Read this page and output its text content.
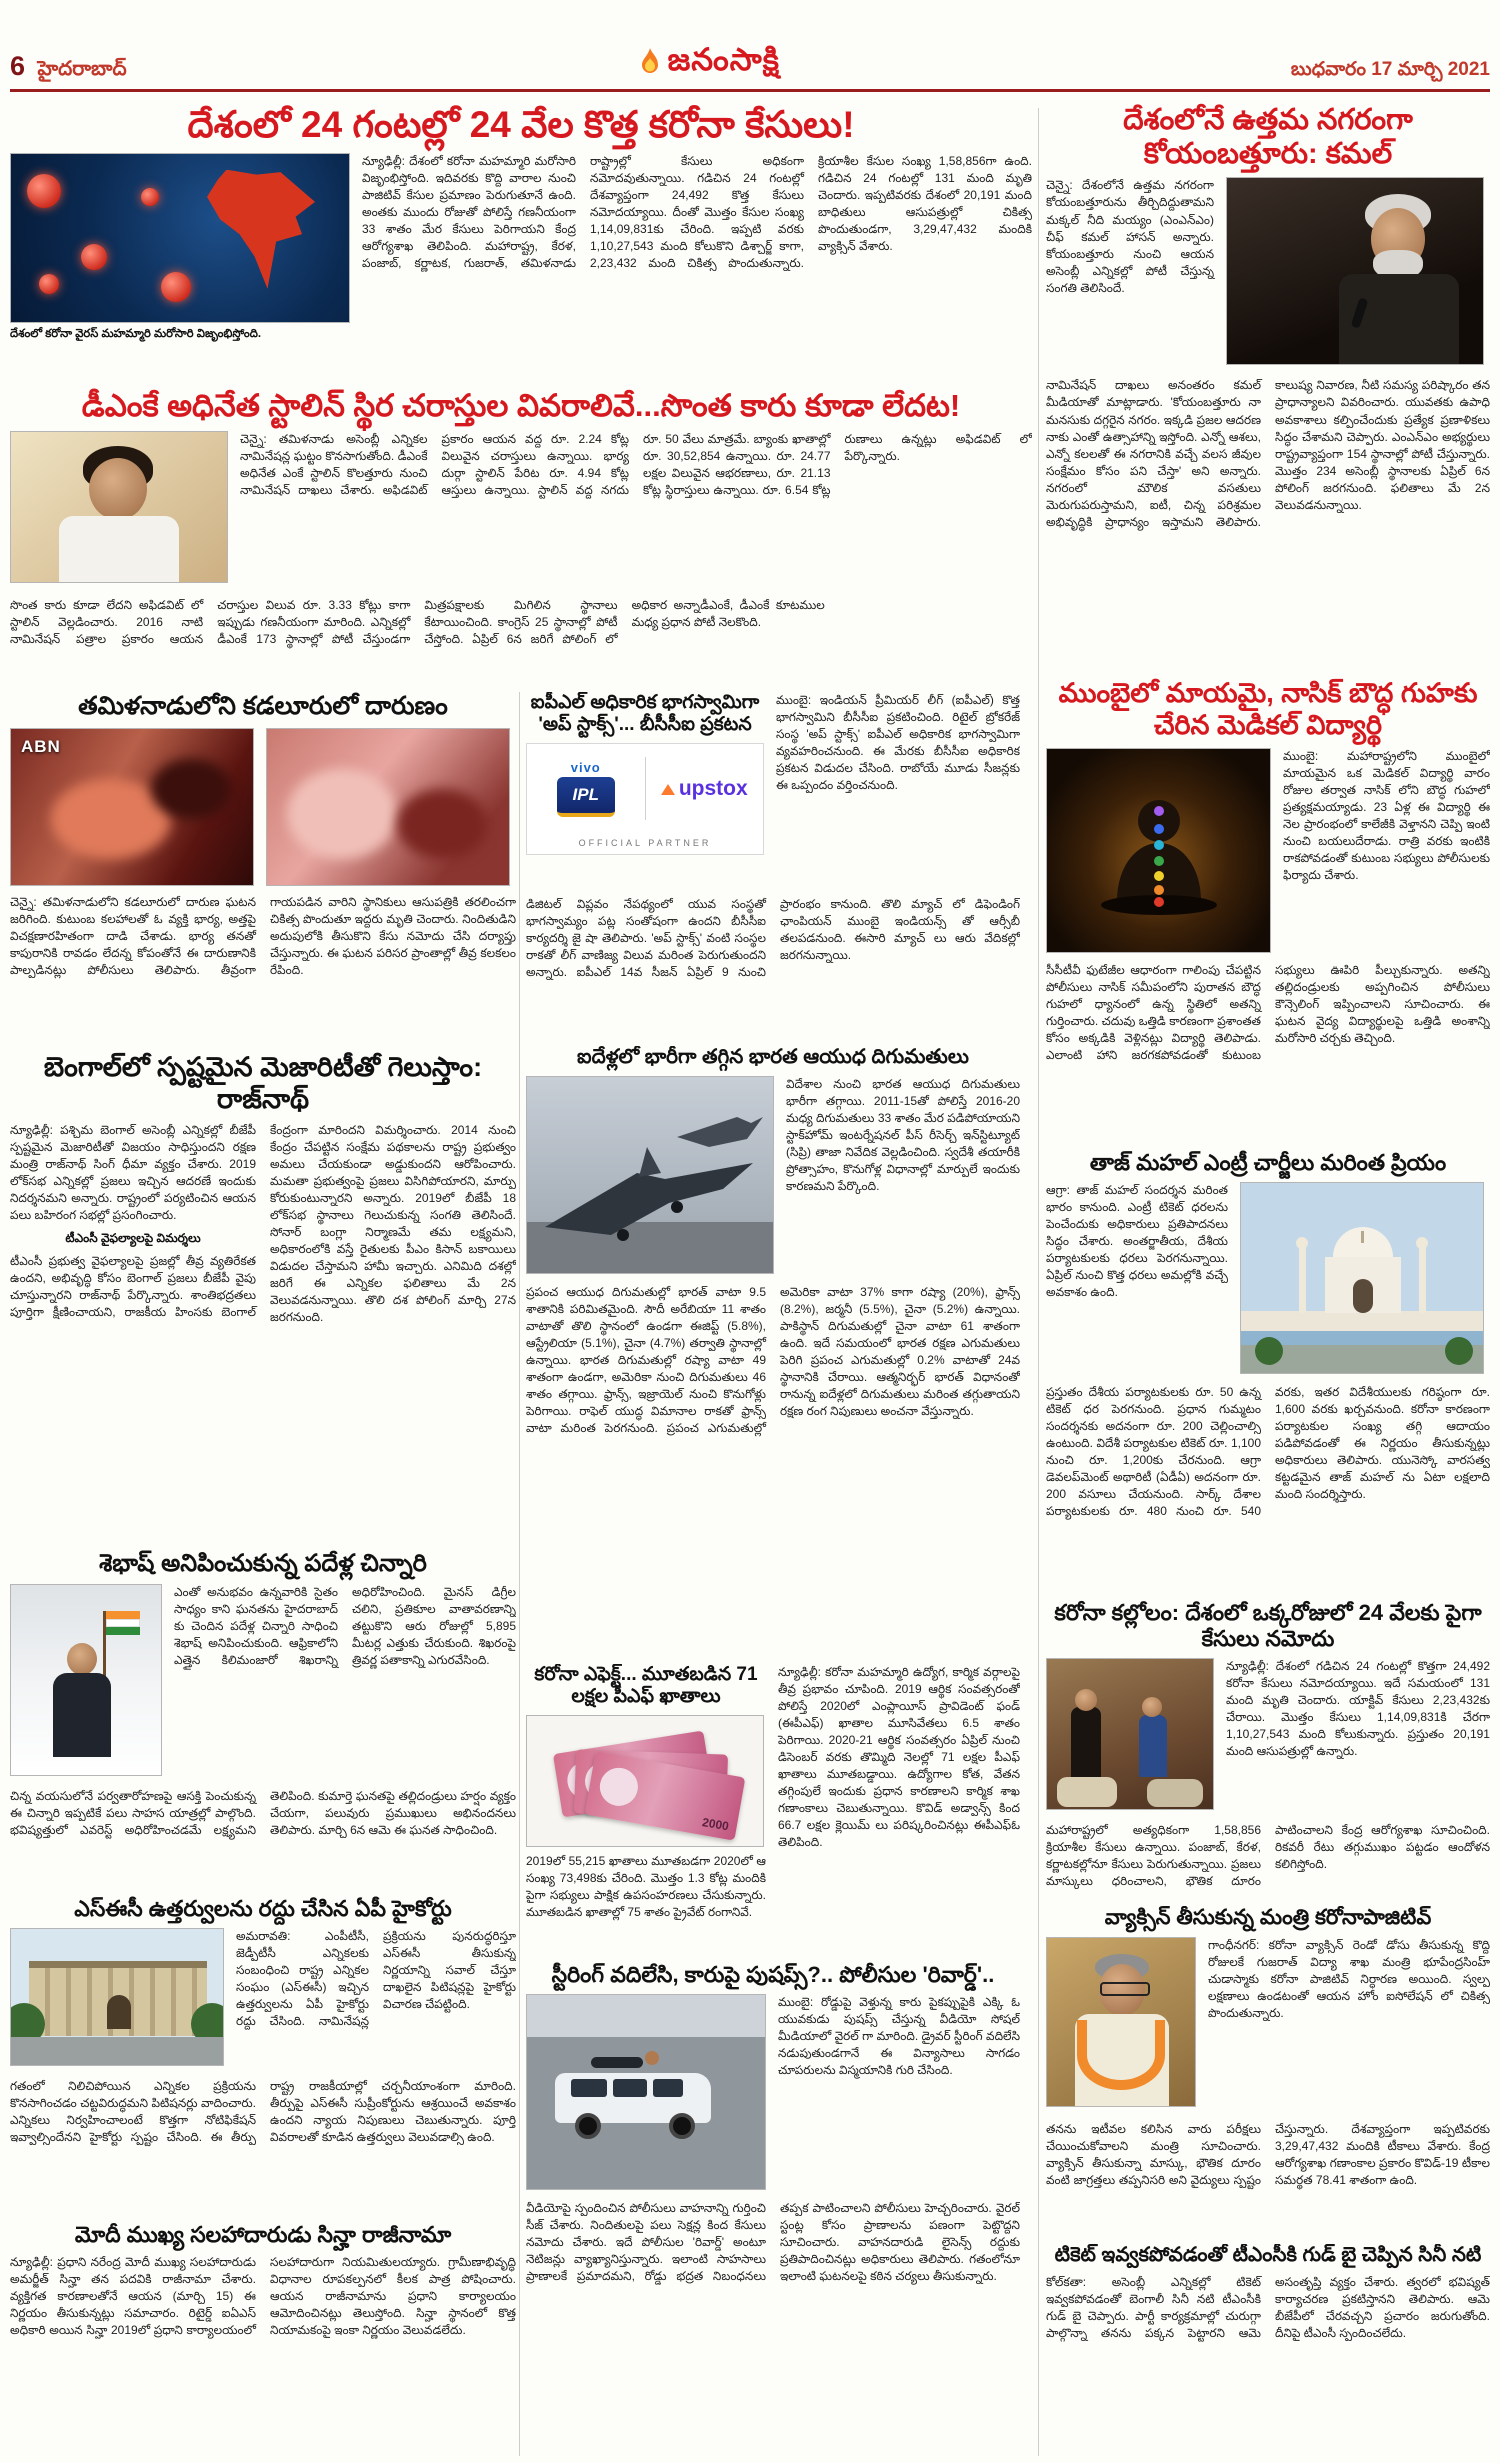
6 హైదరాబాద్	జనంసాక్షి	బుధవారం 17 మార్చి 2021
దేశంలో 24 గంటల్లో 24 వేల కొత్త కరోనా కేసులు!
దేశంలో కరోనా వైరస్ మహమ్మారి మరోసారి విజృంభిస్తోంది.
న్యూఢిల్లీ: దేశంలో కరోనా మహమ్మారి మరోసారి విజృంభిస్తోంది. ఇదివరకు కొద్ది వారాల నుంచి పాజిటివ్ కేసుల ప్రమాణం పెరుగుతూనే ఉంది. అంతకు ముందు రోజుతో పోలిస్తే గణనీయంగా 33 శాతం మేర కేసులు పెరిగాయని కేంద్ర ఆరోగ్యశాఖ తెలిపింది. మహారాష్ట్ర, కేరళ, పంజాబ్, కర్ణాటక, గుజరాత్, తమిళనాడు రాష్ట్రాల్లో కేసులు అధికంగా నమోదవుతున్నాయి. గడిచిన 24 గంటల్లో దేశవ్యాప్తంగా 24,492 కొత్త కేసులు నమోదయ్యాయి. దీంతో మొత్తం కేసుల సంఖ్య 1,14,09,831కు చేరింది. ఇప్పటి వరకు 1,10,27,543 మంది కోలుకొని డిశ్చార్జ్ కాగా, 2,23,432 మంది చికిత్స పొందుతున్నారు. క్రియాశీల కేసుల సంఖ్య 1,58,856గా ఉంది. గడిచిన 24 గంటల్లో 131 మంది మృతి చెందారు. ఇప్పటివరకు దేశంలో 20,191 మంది బాధితులు ఆసుపత్రుల్లో చికిత్స పొందుతుండగా, 3,29,47,432 మందికి వ్యాక్సిన్ వేశారు.
డీఎంకే అధినేత స్టాలిన్ స్థిర చరాస్తుల వివరాలివే...సొంత కారు కూడా లేదట!
చెన్నై: తమిళనాడు అసెంబ్లీ ఎన్నికల నామినేషన్ల ఘట్టం కొనసాగుతోంది. డీఎంకే అధినేత ఎంకే స్టాలిన్ కొలత్తూరు నుంచి నామినేషన్ దాఖలు చేశారు. అఫిడవిట్ ప్రకారం ఆయన వద్ద రూ. 2.24 కోట్ల విలువైన చరాస్తులు ఉన్నాయి. భార్య దుర్గా స్టాలిన్ పేరిట రూ. 4.94 కోట్ల ఆస్తులు ఉన్నాయి. స్టాలిన్ వద్ద నగదు రూ. 50 వేలు మాత్రమే. బ్యాంకు ఖాతాల్లో రూ. 30,52,854 ఉన్నాయి. రూ. 24.77 లక్షల విలువైన ఆభరణాలు, రూ. 21.13 కోట్ల స్థిరాస్తులు ఉన్నాయి. రూ. 6.54 కోట్ల రుణాలు ఉన్నట్లు అఫిడవిట్ లో పేర్కొన్నారు.
సొంత కారు కూడా లేదని అఫిడవిట్ లో స్టాలిన్ వెల్లడించారు. 2016 నాటి నామినేషన్ పత్రాల ప్రకారం ఆయన చరాస్తుల విలువ రూ. 3.33 కోట్లు కాగా ఇప్పుడు గణనీయంగా మారింది. ఎన్నికల్లో డీఎంకే 173 స్థానాల్లో పోటీ చేస్తుండగా మిత్రపక్షాలకు మిగిలిన స్థానాలు కేటాయించింది. కాంగ్రెస్ 25 స్థానాల్లో పోటీ చేస్తోంది. ఏప్రిల్ 6న జరిగే పోలింగ్ లో అధికార అన్నాడీఎంకే, డీఎంకే కూటముల మధ్య ప్రధాన పోటీ నెలకొంది.
దేశంలోనే ఉత్తమ నగరంగా కోయంబత్తూరు: కమల్
చెన్నై: దేశంలోనే ఉత్తమ నగరంగా కోయంబత్తూరును తీర్చిదిద్దుతామని మక్కల్ నీది మయ్యం (ఎంఎన్ఎం) చీఫ్ కమల్ హాసన్ అన్నారు. కోయంబత్తూరు నుంచి ఆయన అసెంబ్లీ ఎన్నికల్లో పోటీ చేస్తున్న సంగతి తెలిసిందే.
నామినేషన్ దాఖలు అనంతరం కమల్ మీడియాతో మాట్లాడారు. 'కోయంబత్తూరు నా మనసుకు దగ్గరైన నగరం. ఇక్కడి ప్రజల ఆదరణ నాకు ఎంతో ఉత్సాహాన్ని ఇస్తోంది. ఎన్నో ఆశలు, ఎన్నో కలలతో ఈ నగరానికి వచ్చే వలస జీవుల సంక్షేమం కోసం పని చేస్తా' అని అన్నారు. నగరంలో మౌలిక వసతులు మెరుగుపరుస్తామని, ఐటీ, చిన్న పరిశ్రమల అభివృద్ధికి ప్రాధాన్యం ఇస్తామని తెలిపారు. కాలుష్య నివారణ, నీటి సమస్య పరిష్కారం తన ప్రాధాన్యాలని వివరించారు. యువతకు ఉపాధి అవకాశాలు కల్పించేందుకు ప్రత్యేక ప్రణాళికలు సిద్ధం చేశామని చెప్పారు. ఎంఎన్ఎం అభ్యర్థులు రాష్ట్రవ్యాప్తంగా 154 స్థానాల్లో పోటీ చేస్తున్నారు. మొత్తం 234 అసెంబ్లీ స్థానాలకు ఏప్రిల్ 6న పోలింగ్ జరగనుంది. ఫలితాలు మే 2న వెలువడనున్నాయి.
తమిళనాడులోని కడలూరులో దారుణం
ABN
చెన్నై: తమిళనాడులోని కడలూరులో దారుణ ఘటన జరిగింది. కుటుంబ కలహాలతో ఓ వ్యక్తి భార్య, అత్తపై విచక్షణారహితంగా దాడి చేశాడు. భార్య తనతో కాపురానికి రావడం లేదన్న కోపంతోనే ఈ దారుణానికి పాల్పడినట్లు పోలీసులు తెలిపారు. తీవ్రంగా గాయపడిన వారిని స్థానికులు ఆసుపత్రికి తరలించగా చికిత్స పొందుతూ ఇద్దరు మృతి చెందారు. నిందితుడిని అదుపులోకి తీసుకొని కేసు నమోదు చేసి దర్యాప్తు చేస్తున్నారు. ఈ ఘటన పరిసర ప్రాంతాల్లో తీవ్ర కలకలం రేపింది.
ఐపీఎల్ అధికారిక భాగస్వామిగా 'అప్ స్టాక్స్'... బీసీసీఐ ప్రకటన
vivo
IPL	upstox
OFFICIAL PARTNER
ముంబై: ఇండియన్ ప్రీమియర్ లీగ్ (ఐపీఎల్) కొత్త భాగస్వామిని బీసీసీఐ ప్రకటించింది. రిటైల్ బ్రోకరేజ్ సంస్థ 'అప్ స్టాక్స్' ఐపీఎల్ అధికారిక భాగస్వామిగా వ్యవహరించనుంది. ఈ మేరకు బీసీసీఐ అధికారిక ప్రకటన విడుదల చేసింది. రాబోయే మూడు సీజన్లకు ఈ ఒప్పందం వర్తించనుంది.
డిజిటల్ విప్లవం నేపథ్యంలో యువ సంస్థతో భాగస్వామ్యం పట్ల సంతోషంగా ఉందని బీసీసీఐ కార్యదర్శి జై షా తెలిపారు. 'అప్ స్టాక్స్' వంటి సంస్థల రాకతో లీగ్ వాణిజ్య విలువ మరింత పెరుగుతుందని అన్నారు. ఐపీఎల్ 14వ సీజన్ ఏప్రిల్ 9 నుంచి ప్రారంభం కానుంది. తొలి మ్యాచ్ లో డిఫెండింగ్ ఛాంపియన్ ముంబై ఇండియన్స్ తో ఆర్సీబీ తలపడనుంది. ఈసారి మ్యాచ్ లు ఆరు వేదికల్లో జరగనున్నాయి.
ముంబైలో మాయమై, నాసిక్ బౌద్ధ గుహకు చేరిన మెడికల్ విద్యార్థి
ముంబై: మహారాష్ట్రలోని ముంబైలో మాయమైన ఒక మెడికల్ విద్యార్థి వారం రోజుల తర్వాత నాసిక్ లోని బౌద్ధ గుహలో ప్రత్యక్షమయ్యాడు. 23 ఏళ్ల ఈ విద్యార్థి ఈ నెల ప్రారంభంలో కాలేజీకి వెళ్తానని చెప్పి ఇంటి నుంచి బయలుదేరాడు. రాత్రి వరకు ఇంటికి రాకపోవడంతో కుటుంబ సభ్యులు పోలీసులకు ఫిర్యాదు చేశారు.
సీసీటీవీ ఫుటేజీల ఆధారంగా గాలింపు చేపట్టిన పోలీసులు నాసిక్ సమీపంలోని పురాతన బౌద్ధ గుహలో ధ్యానంలో ఉన్న స్థితిలో అతన్ని గుర్తించారు. చదువు ఒత్తిడి కారణంగా ప్రశాంతత కోసం అక్కడికి వెళ్లినట్లు విద్యార్థి తెలిపాడు. ఎలాంటి హాని జరగకపోవడంతో కుటుంబ సభ్యులు ఊపిరి పీల్చుకున్నారు. అతన్ని తల్లిదండ్రులకు అప్పగించిన పోలీసులు కౌన్సెలింగ్ ఇప్పించాలని సూచించారు. ఈ ఘటన వైద్య విద్యార్థులపై ఒత్తిడి అంశాన్ని మరోసారి చర్చకు తెచ్చింది.
బెంగాల్‌లో స్పష్టమైన మెజారిటీతో గెలుస్తాం: రాజ్‌నాథ్
న్యూఢిల్లీ: పశ్చిమ బెంగాల్ అసెంబ్లీ ఎన్నికల్లో బీజేపీ స్పష్టమైన మెజారిటీతో విజయం సాధిస్తుందని రక్షణ మంత్రి రాజ్‌నాథ్ సింగ్ ధీమా వ్యక్తం చేశారు. 2019 లోక్‌సభ ఎన్నికల్లో ప్రజలు ఇచ్చిన ఆదరణే ఇందుకు నిదర్శనమని అన్నారు. రాష్ట్రంలో పర్యటించిన ఆయన పలు బహిరంగ సభల్లో ప్రసంగించారు.
టీఎంసీ వైఫల్యాలపై విమర్శలు
టీఎంసీ ప్రభుత్వ వైఫల్యాలపై ప్రజల్లో తీవ్ర వ్యతిరేకత ఉందని, అభివృద్ధి కోసం బెంగాల్ ప్రజలు బీజేపీ వైపు చూస్తున్నారని రాజ్‌నాథ్ పేర్కొన్నారు. శాంతిభద్రతలు పూర్తిగా క్షీణించాయని, రాజకీయ హింసకు బెంగాల్ కేంద్రంగా మారిందని విమర్శించారు. 2014 నుంచి కేంద్రం చేపట్టిన సంక్షేమ పథకాలను రాష్ట్ర ప్రభుత్వం అమలు చేయకుండా అడ్డుకుందని ఆరోపించారు. మమతా ప్రభుత్వంపై ప్రజలు విసిగిపోయారని, మార్పు కోరుకుంటున్నారని అన్నారు. 2019లో బీజేపీ 18 లోక్‌సభ స్థానాలు గెలుచుకున్న సంగతి తెలిసిందే. సోనార్ బంగ్లా నిర్మాణమే తమ లక్ష్యమని, అధికారంలోకి వస్తే రైతులకు పీఎం కిసాన్ బకాయిలు విడుదల చేస్తామని హామీ ఇచ్చారు. ఎనిమిది దశల్లో జరిగే ఈ ఎన్నికల ఫలితాలు మే 2న వెలువడనున్నాయి. తొలి దశ పోలింగ్ మార్చి 27న జరగనుంది.
ఐదేళ్లలో భారీగా తగ్గిన భారత ఆయుధ దిగుమతులు
విదేశాల నుంచి భారత ఆయుధ దిగుమతులు భారీగా తగ్గాయి. 2011-15తో పోలిస్తే 2016-20 మధ్య దిగుమతులు 33 శాతం మేర పడిపోయాయని స్టాక్‌హోమ్ ఇంటర్నేషనల్ పీస్ రీసెర్చ్ ఇన్‌స్టిట్యూట్ (సిప్రి) తాజా నివేదిక వెల్లడించింది. స్వదేశీ తయారీకి ప్రోత్సాహం, కొనుగోళ్ల విధానాల్లో మార్పులే ఇందుకు కారణమని పేర్కొంది.
ప్రపంచ ఆయుధ దిగుమతుల్లో భారత్ వాటా 9.5 శాతానికి పరిమితమైంది. సౌదీ అరేబియా 11 శాతం వాటాతో తొలి స్థానంలో ఉండగా ఈజిప్ట్ (5.8%), ఆస్ట్రేలియా (5.1%), చైనా (4.7%) తర్వాతి స్థానాల్లో ఉన్నాయి. భారత దిగుమతుల్లో రష్యా వాటా 49 శాతంగా ఉండగా, అమెరికా నుంచి దిగుమతులు 46 శాతం తగ్గాయి. ఫ్రాన్స్, ఇజ్రాయెల్ నుంచి కొనుగోళ్లు పెరిగాయి. రాఫెల్ యుద్ధ విమానాల రాకతో ఫ్రాన్స్ వాటా మరింత పెరగనుంది. ప్రపంచ ఎగుమతుల్లో అమెరికా వాటా 37% కాగా రష్యా (20%), ఫ్రాన్స్ (8.2%), జర్మనీ (5.5%), చైనా (5.2%) ఉన్నాయి. పాకిస్థాన్ దిగుమతుల్లో చైనా వాటా 61 శాతంగా ఉంది. ఇదే సమయంలో భారత రక్షణ ఎగుమతులు పెరిగి ప్రపంచ ఎగుమతుల్లో 0.2% వాటాతో 24వ స్థానానికి చేరాయి. ఆత్మనిర్భర్ భారత్ విధానంతో రానున్న ఐదేళ్లలో దిగుమతులు మరింత తగ్గుతాయని రక్షణ రంగ నిపుణులు అంచనా వేస్తున్నారు.
తాజ్ మహల్ ఎంట్రీ చార్జీలు మరింత ప్రియం
ఆగ్రా: తాజ్ మహల్ సందర్శన మరింత భారం కానుంది. ఎంట్రీ టికెట్ ధరలను పెంచేందుకు అధికారులు ప్రతిపాదనలు సిద్ధం చేశారు. అంతర్జాతీయ, దేశీయ పర్యాటకులకు ధరలు పెరగనున్నాయి. ఏప్రిల్ నుంచి కొత్త ధరలు అమల్లోకి వచ్చే అవకాశం ఉంది.
ప్రస్తుతం దేశీయ పర్యాటకులకు రూ. 50 ఉన్న టికెట్ ధర పెరగనుంది. ప్రధాన గుమ్మటం సందర్శనకు అదనంగా రూ. 200 చెల్లించాల్సి ఉంటుంది. విదేశీ పర్యాటకుల టికెట్ రూ. 1,100 నుంచి రూ. 1,200కు చేరనుంది. ఆగ్రా డెవలప్‌మెంట్ అథారిటీ (ఏడీఏ) అదనంగా రూ. 200 వసూలు చేయనుంది. సార్క్ దేశాల పర్యాటకులకు రూ. 480 నుంచి రూ. 540 వరకు, ఇతర విదేశీయులకు గరిష్ఠంగా రూ. 1,600 వరకు ఖర్చవనుంది. కరోనా కారణంగా పర్యాటకుల సంఖ్య తగ్గి ఆదాయం పడిపోవడంతో ఈ నిర్ణయం తీసుకున్నట్లు అధికారులు తెలిపారు. యునెస్కో వారసత్వ కట్టడమైన తాజ్ మహల్ ను ఏటా లక్షలాది మంది సందర్శిస్తారు.
శెభాష్ అనిపించుకున్న పదేళ్ల చిన్నారి
ఎంతో అనుభవం ఉన్నవారికి సైతం సాధ్యం కాని ఘనతను హైదరాబాద్ కు చెందిన పదేళ్ల చిన్నారి సాధించి శెభాష్ అనిపించుకుంది. ఆఫ్రికాలోని ఎత్తైన కిలిమంజారో శిఖరాన్ని అధిరోహించింది. మైనస్ డిగ్రీల చలిని, ప్రతికూల వాతావరణాన్ని తట్టుకొని ఆరు రోజుల్లో 5,895 మీటర్ల ఎత్తుకు చేరుకుంది. శిఖరంపై త్రివర్ణ పతాకాన్ని ఎగురవేసింది.
చిన్న వయసులోనే పర్వతారోహణపై ఆసక్తి పెంచుకున్న ఈ చిన్నారి ఇప్పటికే పలు సాహస యాత్రల్లో పాల్గొంది. భవిష్యత్తులో ఎవరెస్ట్ అధిరోహించడమే లక్ష్యమని తెలిపింది. కుమార్తె ఘనతపై తల్లిదండ్రులు హర్షం వ్యక్తం చేయగా, పలువురు ప్రముఖులు అభినందనలు తెలిపారు. మార్చి 6న ఆమె ఈ ఘనత సాధించింది.
కరోనా ఎఫెక్ట్... మూతబడిన 71 లక్షల పీఎఫ్ ఖాతాలు
2000
2019లో 55,215 ఖాతాలు మూతబడగా 2020లో ఆ సంఖ్య 73,498కు చేరింది. మొత్తం 1.3 కోట్ల మందికి పైగా సభ్యులు పాక్షిక ఉపసంహరణలు చేసుకున్నారు. మూతబడిన ఖాతాల్లో 75 శాతం ప్రైవేట్ రంగానివే.
న్యూఢిల్లీ: కరోనా మహమ్మారి ఉద్యోగ, కార్మిక వర్గాలపై తీవ్ర ప్రభావం చూపింది. 2019 ఆర్థిక సంవత్సరంతో పోలిస్తే 2020లో ఎంప్లాయీస్ ప్రావిడెంట్ ఫండ్ (ఈపీఎఫ్) ఖాతాల మూసివేతలు 6.5 శాతం పెరిగాయి. 2020-21 ఆర్థిక సంవత్సరం ఏప్రిల్ నుంచి డిసెంబర్ వరకు తొమ్మిది నెలల్లో 71 లక్షల పీఎఫ్ ఖాతాలు మూతబడ్డాయి. ఉద్యోగాల కోత, వేతన తగ్గింపులే ఇందుకు ప్రధాన కారణాలని కార్మిక శాఖ గణాంకాలు చెబుతున్నాయి. కొవిడ్ అడ్వాన్స్ కింద 66.7 లక్షల క్లెయిమ్ లు పరిష్కరించినట్లు ఈపీఎఫ్ఓ తెలిపింది.
స్టీరింగ్ వదిలేసి, కారుపై పుషప్స్?.. పోలీసుల 'రివార్డ్'..
ముంబై: రోడ్డుపై వెళ్తున్న కారు పైకప్పుపైకి ఎక్కి ఓ యువకుడు పుషప్స్ చేస్తున్న వీడియో సోషల్ మీడియాలో వైరల్ గా మారింది. డ్రైవర్ స్టీరింగ్ వదిలేసి నడుపుతుండగానే ఈ విన్యాసాలు సాగడం చూపరులను విస్మయానికి గురి చేసింది.
వీడియోపై స్పందించిన పోలీసులు వాహనాన్ని గుర్తించి సీజ్ చేశారు. నిందితులపై పలు సెక్షన్ల కింద కేసులు నమోదు చేశారు. ఇదే పోలీసుల 'రివార్డ్' అంటూ నెటిజన్లు వ్యాఖ్యానిస్తున్నారు. ఇలాంటి సాహసాలు ప్రాణాలకే ప్రమాదమని, రోడ్డు భద్రత నిబంధనలు తప్పక పాటించాలని పోలీసులు హెచ్చరించారు. వైరల్ స్టంట్ల కోసం ప్రాణాలను పణంగా పెట్టొద్దని సూచించారు. వాహనదారుడి లైసెన్స్ రద్దుకు ప్రతిపాదించినట్లు అధికారులు తెలిపారు. గతంలోనూ ఇలాంటి ఘటనలపై కఠిన చర్యలు తీసుకున్నారు.
కరోనా కల్లోలం: దేశంలో ఒక్కరోజులో 24 వేలకు పైగా కేసులు నమోదు
న్యూఢిల్లీ: దేశంలో గడిచిన 24 గంటల్లో కొత్తగా 24,492 కరోనా కేసులు నమోదయ్యాయి. ఇదే సమయంలో 131 మంది మృతి చెందారు. యాక్టివ్ కేసులు 2,23,432కు చేరాయి. మొత్తం కేసులు 1,14,09,831కి చేరగా 1,10,27,543 మంది కోలుకున్నారు. ప్రస్తుతం 20,191 మంది ఆసుపత్రుల్లో ఉన్నారు.
మహారాష్ట్రలో అత్యధికంగా 1,58,856 క్రియాశీల కేసులు ఉన్నాయి. పంజాబ్, కేరళ, కర్ణాటకల్లోనూ కేసులు పెరుగుతున్నాయి. ప్రజలు మాస్కులు ధరించాలని, భౌతిక దూరం పాటించాలని కేంద్ర ఆరోగ్యశాఖ సూచించింది. రికవరీ రేటు తగ్గుముఖం పట్టడం ఆందోళన కలిగిస్తోంది.
ఎస్ఈసీ ఉత్తర్వులను రద్దు చేసిన ఏపీ హైకోర్టు
అమరావతి: ఎంపీటీసీ, జెడ్పీటీసీ ఎన్నికలకు సంబంధించి రాష్ట్ర ఎన్నికల సంఘం (ఎస్ఈసీ) ఇచ్చిన ఉత్తర్వులను ఏపీ హైకోర్టు రద్దు చేసింది. నామినేషన్ల ప్రక్రియను పునరుద్ధరిస్తూ ఎస్ఈసీ తీసుకున్న నిర్ణయాన్ని సవాల్ చేస్తూ దాఖలైన పిటిషన్లపై హైకోర్టు విచారణ చేపట్టింది.
గతంలో నిలిచిపోయిన ఎన్నికల ప్రక్రియను కొనసాగించడం చట్టవిరుద్ధమని పిటిషనర్లు వాదించారు. ఎన్నికలు నిర్వహించాలంటే కొత్తగా నోటిఫికేషన్ ఇవ్వాల్సిందేనని హైకోర్టు స్పష్టం చేసింది. ఈ తీర్పు రాష్ట్ర రాజకీయాల్లో చర్చనీయాంశంగా మారింది. తీర్పుపై ఎస్ఈసీ సుప్రీంకోర్టును ఆశ్రయించే అవకాశం ఉందని న్యాయ నిపుణులు చెబుతున్నారు. పూర్తి వివరాలతో కూడిన ఉత్తర్వులు వెలువడాల్సి ఉంది.
మోదీ ముఖ్య సలహాదారుడు సిన్హా రాజీనామా
న్యూఢిల్లీ: ప్రధాని నరేంద్ర మోదీ ముఖ్య సలహాదారుడు అమర్జీత్ సిన్హా తన పదవికి రాజీనామా చేశారు. వ్యక్తిగత కారణాలతోనే ఆయన (మార్చి 15) ఈ నిర్ణయం తీసుకున్నట్లు సమాచారం. రిటైర్డ్ ఐఏఎస్ అధికారి అయిన సిన్హా 2019లో ప్రధాని కార్యాలయంలో సలహాదారుగా నియమితులయ్యారు. గ్రామీణాభివృద్ధి విధానాల రూపకల్పనలో కీలక పాత్ర పోషించారు. ఆయన రాజీనామాను ప్రధాని కార్యాలయం ఆమోదించినట్లు తెలుస్తోంది. సిన్హా స్థానంలో కొత్త నియామకంపై ఇంకా నిర్ణయం వెలువడలేదు.
వ్యాక్సిన్ తీసుకున్న మంత్రి కరోనాపాజిటివ్
గాంధీనగర్: కరోనా వ్యాక్సిన్ రెండో డోసు తీసుకున్న కొద్ది రోజులకే గుజరాత్ విద్యా శాఖ మంత్రి భూపేంద్రసింహ్ చుడాస్మాకు కరోనా పాజిటివ్ నిర్ధారణ అయింది. స్వల్ప లక్షణాలు ఉండటంతో ఆయన హోం ఐసోలేషన్ లో చికిత్స పొందుతున్నారు.
తనను ఇటీవల కలిసిన వారు పరీక్షలు చేయించుకోవాలని మంత్రి సూచించారు. వ్యాక్సిన్ తీసుకున్నా మాస్కు, భౌతిక దూరం వంటి జాగ్రత్తలు తప్పనిసరి అని వైద్యులు స్పష్టం చేస్తున్నారు. దేశవ్యాప్తంగా ఇప్పటివరకు 3,29,47,432 మందికి టీకాలు వేశారు. కేంద్ర ఆరోగ్యశాఖ గణాంకాల ప్రకారం కొవిడ్-19 టీకాల సమర్థత 78.41 శాతంగా ఉంది.
టికెట్ ఇవ్వకపోవడంతో టీఎంసీకి గుడ్ బై చెప్పిన సినీ నటి
కోల్‌కతా: అసెంబ్లీ ఎన్నికల్లో టికెట్ ఇవ్వకపోవడంతో బెంగాలీ సినీ నటి టీఎంసీకి గుడ్ బై చెప్పారు. పార్టీ కార్యక్రమాల్లో చురుగ్గా పాల్గొన్నా తనను పక్కన పెట్టారని ఆమె అసంతృప్తి వ్యక్తం చేశారు. త్వరలో భవిష్యత్ కార్యాచరణ ప్రకటిస్తానని తెలిపారు. ఆమె బీజేపీలో చేరవచ్చని ప్రచారం జరుగుతోంది. దీనిపై టీఎంసీ స్పందించలేదు.
